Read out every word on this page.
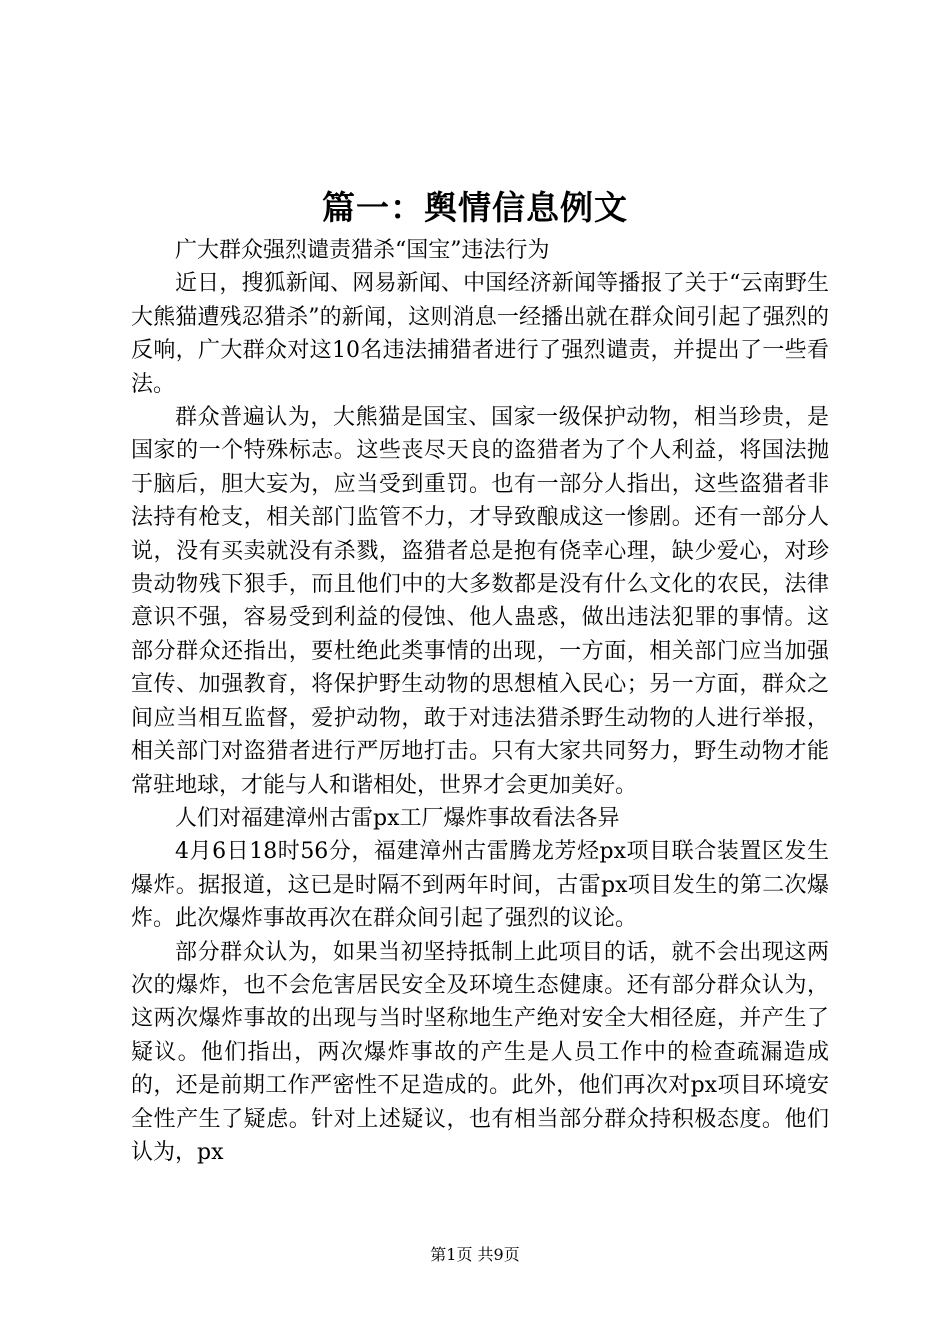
篇一：舆情信息例文

广大群众强烈谴责猎杀“国宝”违法行为

近日，搜狐新闻、网易新闻、中国经济新闻等播报了关于“云南野生大熊猫遭残忍猎杀”的新闻，这则消息一经播出就在群众间引起了强烈的反响，广大群众对这10名违法捕猎者进行了强烈谴责，并提出了一些看法。

群众普遍认为，大熊猫是国宝、国家一级保护动物，相当珍贵，是国家的一个特殊标志。这些丧尽天良的盗猎者为了个人利益，将国法抛于脑后，胆大妄为，应当受到重罚。也有一部分人指出，这些盗猎者非法持有枪支，相关部门监管不力，才导致酿成这一惨剧。还有一部分人说，没有买卖就没有杀戮，盗猎者总是抱有侥幸心理，缺少爱心，对珍贵动物残下狠手，而且他们中的大多数都是没有什么文化的农民，法律意识不强，容易受到利益的侵蚀、他人蛊惑，做出违法犯罪的事情。这部分群众还指出，要杜绝此类事情的出现，一方面，相关部门应当加强宣传、加强教育，将保护野生动物的思想植入民心；另一方面，群众之间应当相互监督，爱护动物，敢于对违法猎杀野生动物的人进行举报，相关部门对盗猎者进行严厉地打击。只有大家共同努力，野生动物才能常驻地球，才能与人和谐相处，世界才会更加美好。

人们对福建漳州古雷px工厂爆炸事故看法各异

4月6日18时56分，福建漳州古雷腾龙芳烃px项目联合装置区发生爆炸。据报道，这已是时隔不到两年时间，古雷px项目发生的第二次爆炸。此次爆炸事故再次在群众间引起了强烈的议论。

部分群众认为，如果当初坚持抵制上此项目的话，就不会出现这两次的爆炸，也不会危害居民安全及环境生态健康。还有部分群众认为，这两次爆炸事故的出现与当时坚称地生产绝对安全大相径庭，并产生了疑议。他们指出，两次爆炸事故的产生是人员工作中的检查疏漏造成的，还是前期工作严密性不足造成的。此外，他们再次对px项目环境安全性产生了疑虑。针对上述疑议，也有相当部分群众持积极态度。他们认为，px

第1页 共9页
